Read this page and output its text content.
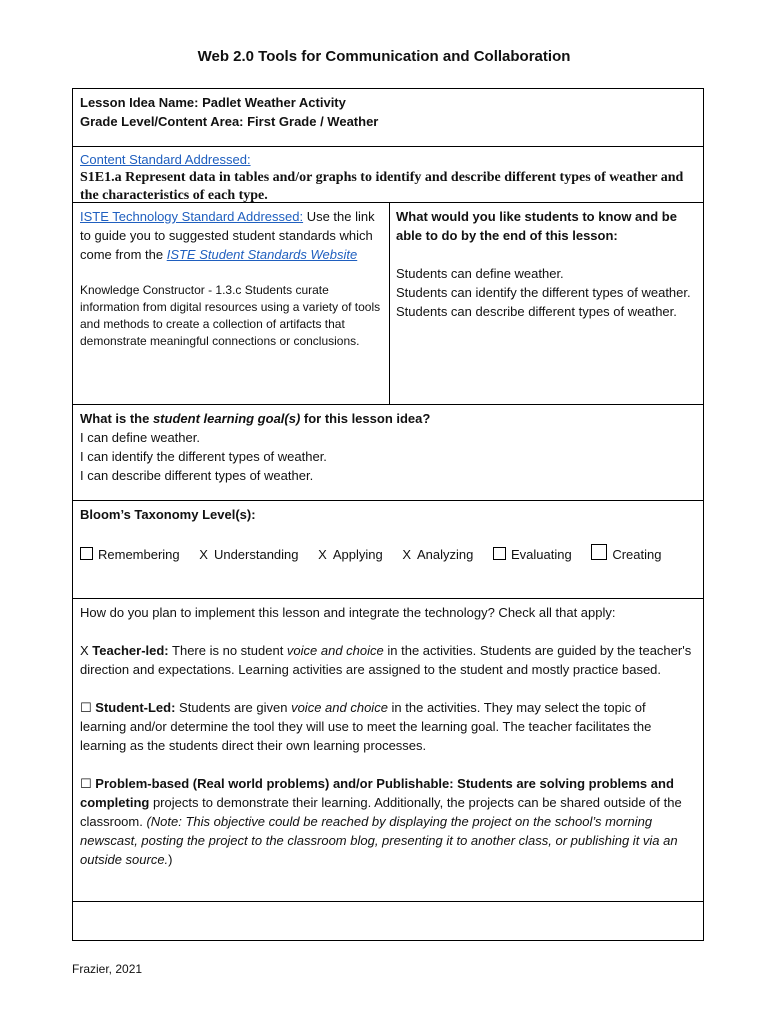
Web 2.0 Tools for Communication and Collaboration
Lesson Idea Name: Padlet Weather Activity
Grade Level/Content Area: First Grade / Weather
Content Standard Addressed:
S1E1.a Represent data in tables and/or graphs to identify and describe different types of weather and the characteristics of each type.
ISTE Technology Standard Addressed: Use the link to guide you to suggested student standards which come from the ISTE Student Standards Website
Knowledge Constructor - 1.3.c Students curate information from digital resources using a variety of tools and methods to create a collection of artifacts that demonstrate meaningful connections or conclusions.
What would you like students to know and be able to do by the end of this lesson:
Students can define weather.
Students can identify the different types of weather.
Students can describe different types of weather.
What is the student learning goal(s) for this lesson idea?
I can define weather.
I can identify the different types of weather.
I can describe different types of weather.
Bloom’s Taxonomy Level(s):
Remembering X Understanding X Applying X Analyzing	Evaluating	Creating
How do you plan to implement this lesson and integrate the technology? Check all that apply:

X Teacher-led: There is no student voice and choice in the activities. Students are guided by the teacher's direction and expectations. Learning activities are assigned to the student and mostly practice based.

☐ Student-Led: Students are given voice and choice in the activities. They may select the topic of learning and/or determine the tool they will use to meet the learning goal. The teacher facilitates the learning as the students direct their own learning processes.

☐ Problem-based (Real world problems) and/or Publishable: Students are solving problems and completing projects to demonstrate their learning. Additionally, the projects can be shared outside of the classroom. (Note: This objective could be reached by displaying the project on the school’s morning newscast, posting the project to the classroom blog, presenting it to another class, or publishing it via an outside source.)

Frazier, 2021
